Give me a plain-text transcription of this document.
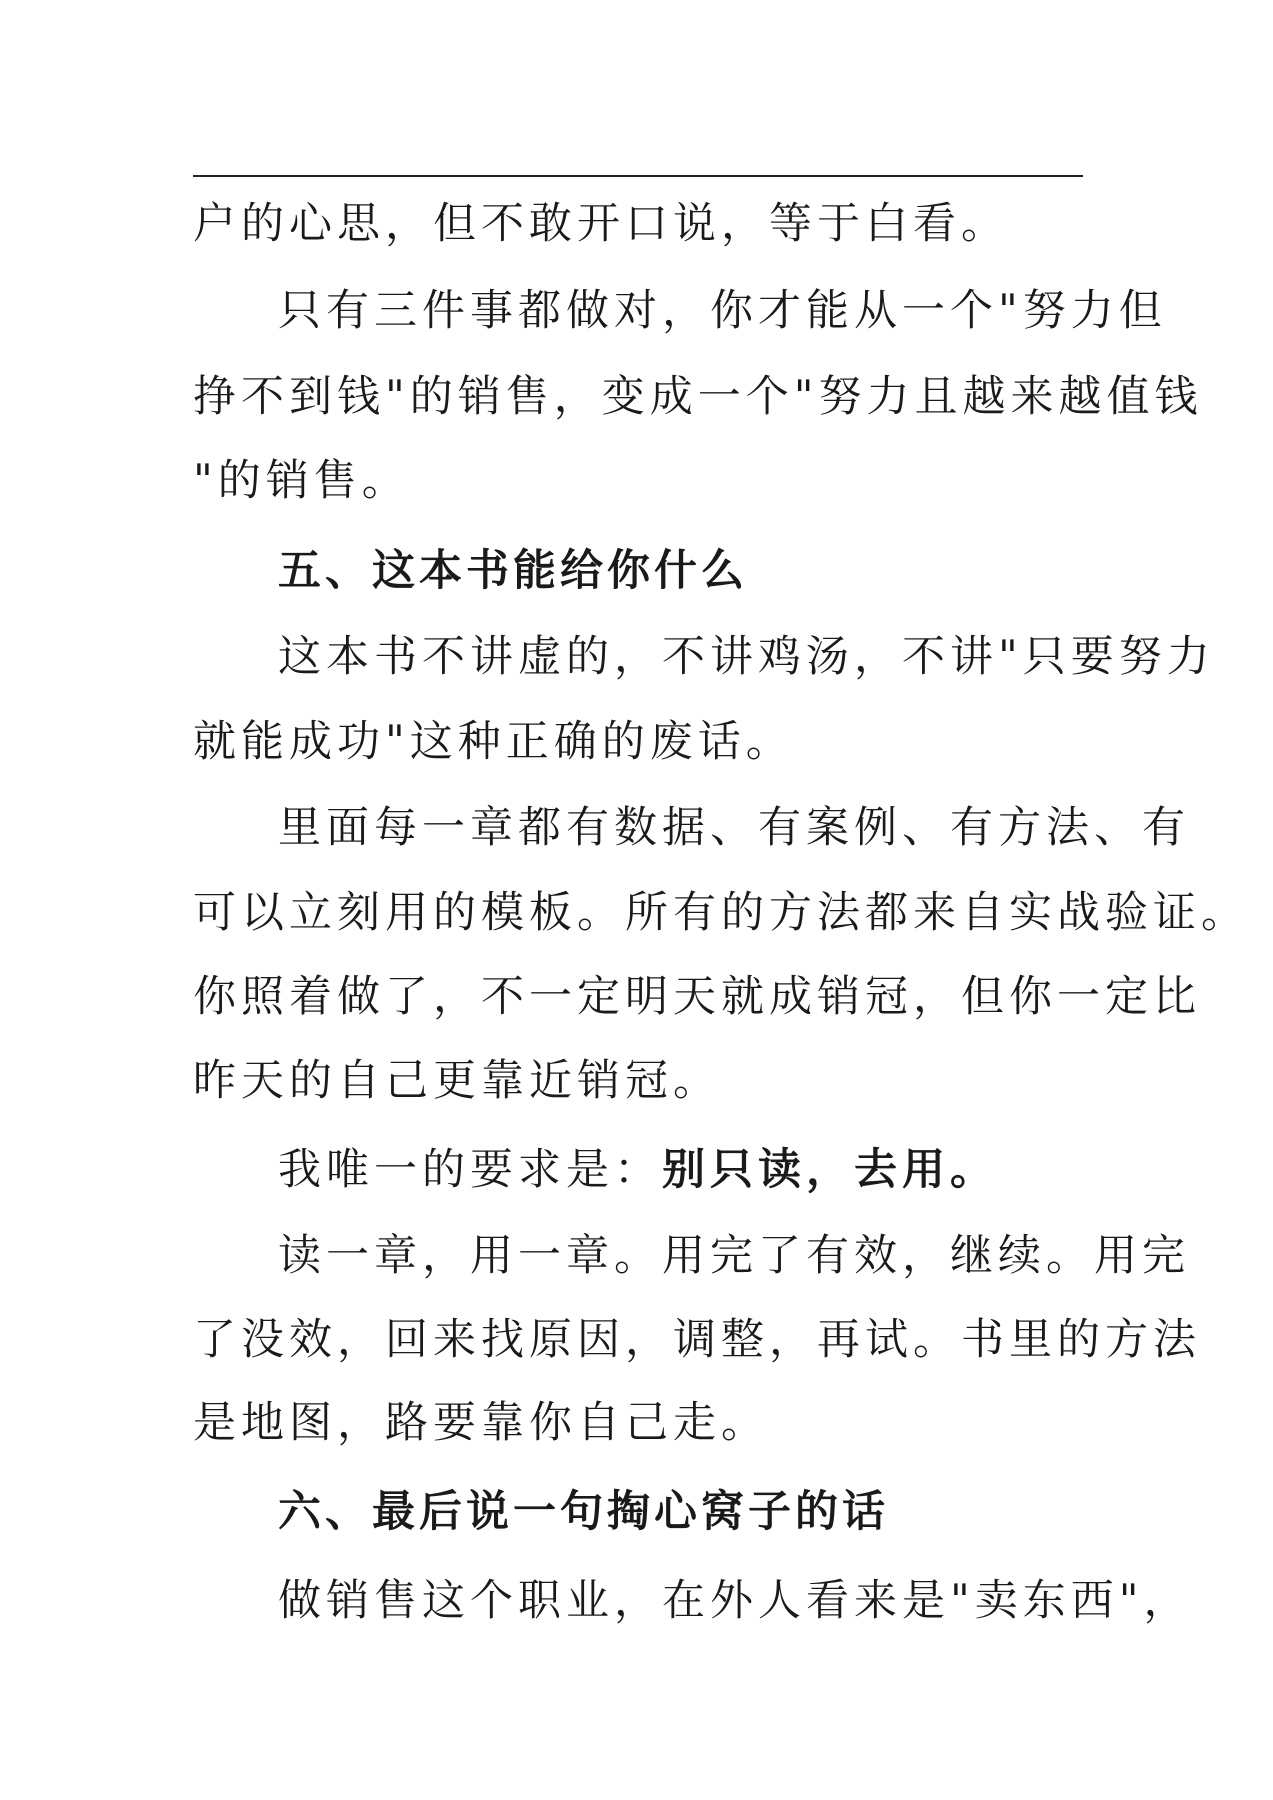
户的心思，但不敢开口说，等于白看。
只有三件事都做对，你才能从一个"努力但
挣不到钱"的销售，变成一个"努力且越来越值钱
"的销售。
五、这本书能给你什么
这本书不讲虚的，不讲鸡汤，不讲"只要努力
就能成功"这种正确的废话。
里面每一章都有数据、有案例、有方法、有
可以立刻用的模板。所有的方法都来自实战验证。
你照着做了，不一定明天就成销冠，但你一定比
昨天的自己更靠近销冠。
我唯一的要求是：别只读，去用。
读一章，用一章。用完了有效，继续。用完
了没效，回来找原因，调整，再试。书里的方法
是地图，路要靠你自己走。
六、最后说一句掏心窝子的话
做销售这个职业，在外人看来是"卖东西"，
